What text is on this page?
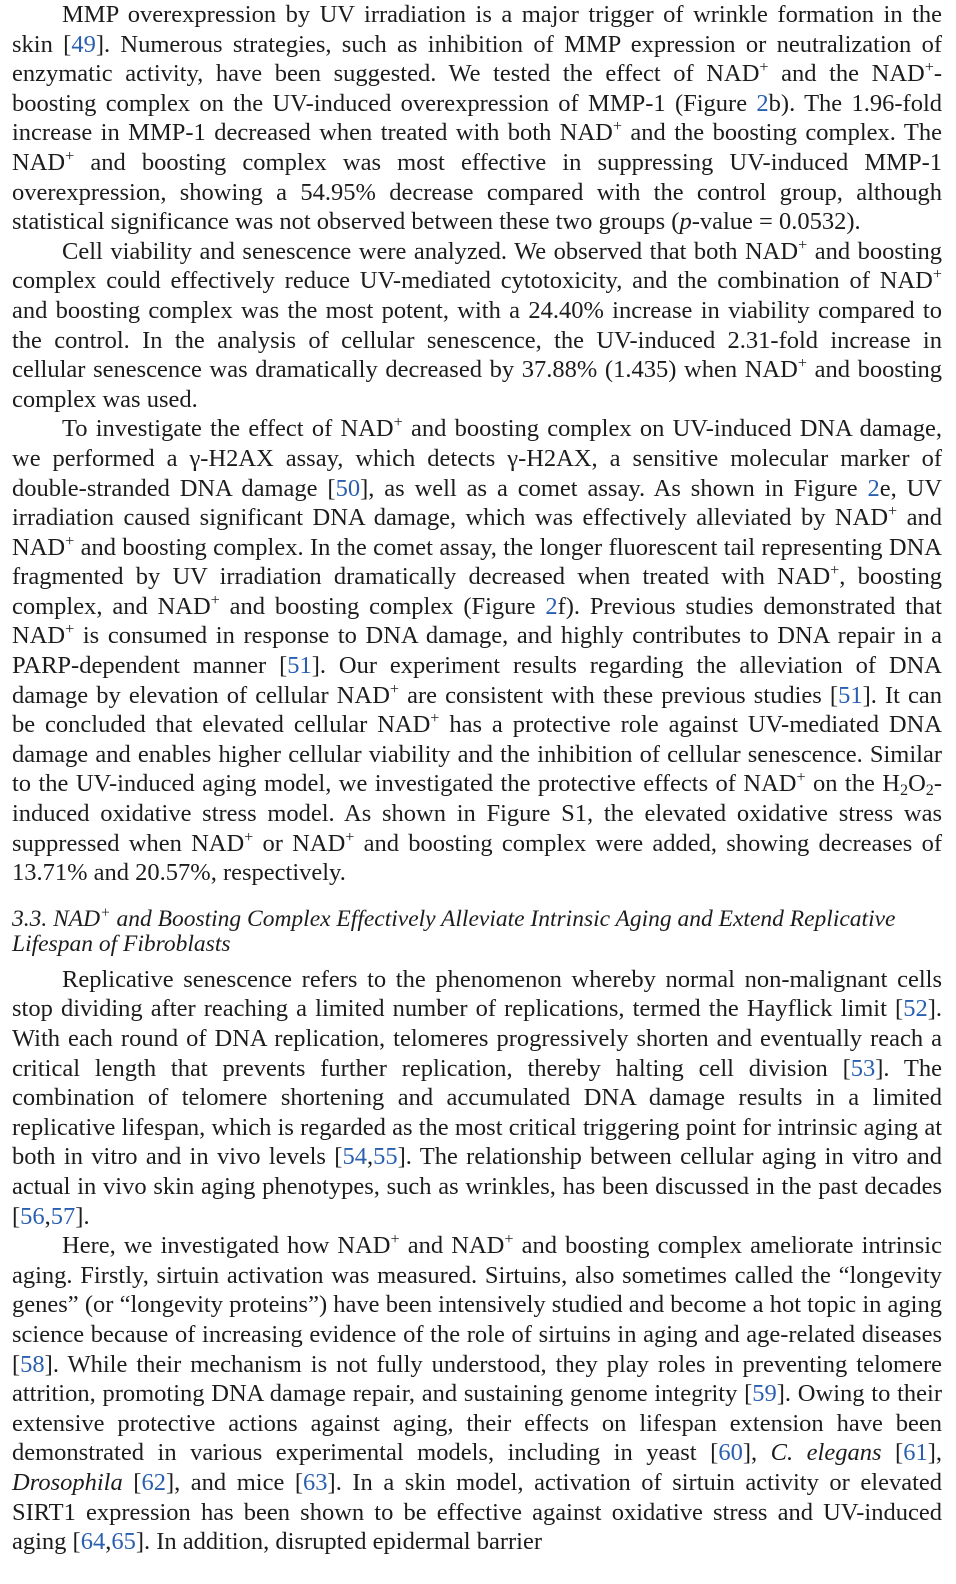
MMP overexpression by UV irradiation is a major trigger of wrinkle formation in the skin [49]. Numerous strategies, such as inhibition of MMP expression or neutralization of enzymatic activity, have been suggested. We tested the effect of NAD+ and the NAD+-boosting complex on the UV-induced overexpression of MMP-1 (Figure 2b). The 1.96-fold increase in MMP-1 decreased when treated with both NAD+ and the boosting complex. The NAD+ and boosting complex was most effective in suppressing UV-induced MMP-1 overexpression, showing a 54.95% decrease compared with the control group, although statistical significance was not observed between these two groups (p-value = 0.0532).

Cell viability and senescence were analyzed. We observed that both NAD+ and boosting complex could effectively reduce UV-mediated cytotoxicity, and the combination of NAD+ and boosting complex was the most potent, with a 24.40% increase in viability compared to the control. In the analysis of cellular senescence, the UV-induced 2.31-fold increase in cellular senescence was dramatically decreased by 37.88% (1.435) when NAD+ and boosting complex was used.

To investigate the effect of NAD+ and boosting complex on UV-induced DNA damage, we performed a γ-H2AX assay, which detects γ-H2AX, a sensitive molecular marker of double-stranded DNA damage [50], as well as a comet assay. As shown in Figure 2e, UV irradiation caused significant DNA damage, which was effectively alleviated by NAD+ and NAD+ and boosting complex. In the comet assay, the longer fluorescent tail representing DNA fragmented by UV irradiation dramatically decreased when treated with NAD+, boosting complex, and NAD+ and boosting complex (Figure 2f). Previous studies demonstrated that NAD+ is consumed in response to DNA damage, and highly contributes to DNA repair in a PARP-dependent manner [51]. Our experiment results regarding the alleviation of DNA damage by elevation of cellular NAD+ are consistent with these previous studies [51]. It can be concluded that elevated cellular NAD+ has a protective role against UV-mediated DNA damage and enables higher cellular viability and the inhibition of cellular senescence. Similar to the UV-induced aging model, we investigated the protective effects of NAD+ on the $H_2O_2$-induced oxidative stress model. As shown in Figure S1, the elevated oxidative stress was suppressed when NAD+ or NAD+ and boosting complex were added, showing decreases of 13.71% and 20.57%, respectively.

3.3. NAD+ and Boosting Complex Effectively Alleviate Intrinsic Aging and Extend Replicative Lifespan of Fibroblasts

Replicative senescence refers to the phenomenon whereby normal non-malignant cells stop dividing after reaching a limited number of replications, termed the Hayflick limit [52]. With each round of DNA replication, telomeres progressively shorten and eventually reach a critical length that prevents further replication, thereby halting cell division [53]. The combination of telomere shortening and accumulated DNA damage results in a limited replicative lifespan, which is regarded as the most critical triggering point for intrinsic aging at both in vitro and in vivo levels [54,55]. The relationship between cellular aging in vitro and actual in vivo skin aging phenotypes, such as wrinkles, has been discussed in the past decades [56,57].

Here, we investigated how NAD+ and NAD+ and boosting complex ameliorate intrinsic aging. Firstly, sirtuin activation was measured. Sirtuins, also sometimes called the “longevity genes” (or “longevity proteins”) have been intensively studied and become a hot topic in aging science because of increasing evidence of the role of sirtuins in aging and age-related diseases [58]. While their mechanism is not fully understood, they play roles in preventing telomere attrition, promoting DNA damage repair, and sustaining genome integrity [59]. Owing to their extensive protective actions against aging, their effects on lifespan extension have been demonstrated in various experimental models, including in yeast [60], C. elegans [61], Drosophila [62], and mice [63]. In a skin model, activation of sirtuin activity or elevated SIRT1 expression has been shown to be effective against oxidative stress and UV-induced aging [64,65]. In addition, disrupted epidermal barrier
